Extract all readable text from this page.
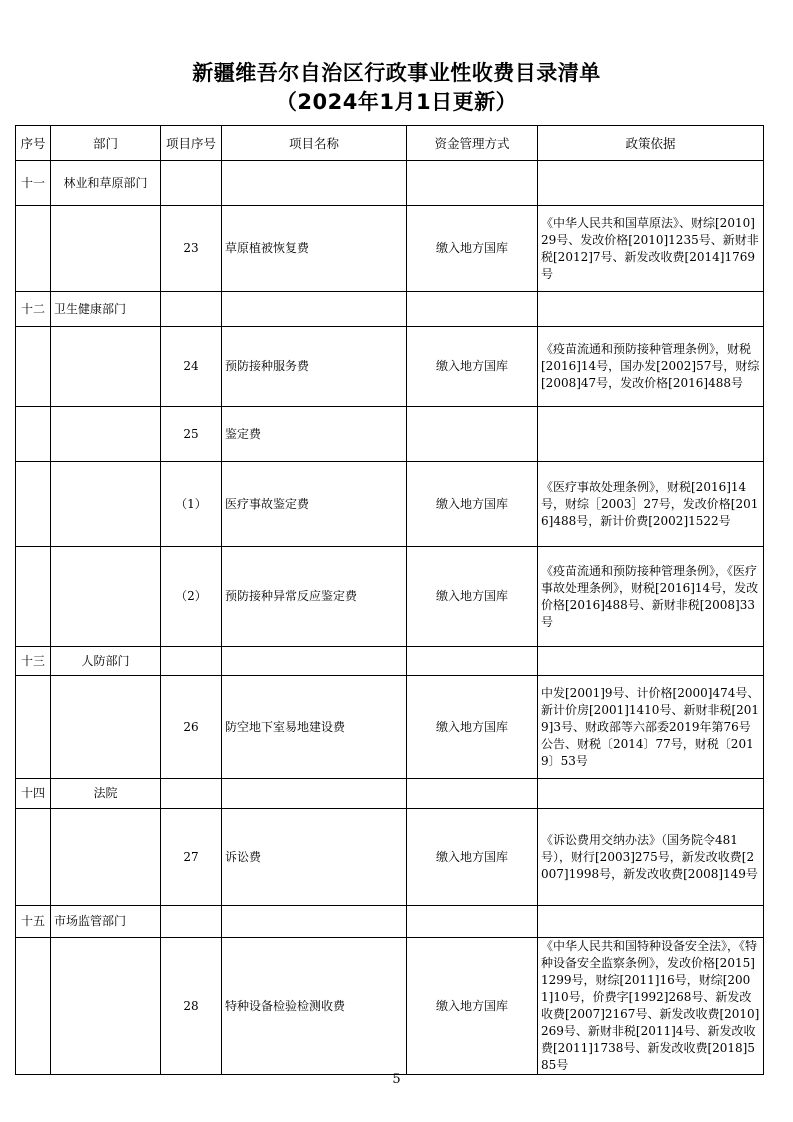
新疆维吾尔自治区行政事业性收费目录清单
（2024年1月1日更新）
序号	部门	项目序号	项目名称	资金管理方式	政策依据
十一	林业和草原部门				
		23	草原植被恢复费	缴入地方国库	《中华人民共和国草原法》、财综[2010]29号、发改价格[2010]1235号、新财非税[2012]7号、新发改收费[2014]1769号
十二	卫生健康部门				
		24	预防接种服务费	缴入地方国库	《疫苗流通和预防接种管理条例》，财税[2016]14号，国办发[2002]57号，财综[2008]47号，发改价格[2016]488号
		25	鉴定费		
		（1）	医疗事故鉴定费	缴入地方国库	《医疗事故处理条例》，财税[2016]14号，财综［2003］27号，发改价格[2016]488号，新计价费[2002]1522号
		（2）	预防接种异常反应鉴定费	缴入地方国库	《疫苗流通和预防接种管理条例》，《医疗事故处理条例》，财税[2016]14号，发改价格[2016]488号、新财非税[2008]33号
十三	人防部门				
		26	防空地下室易地建设费	缴入地方国库	中发[2001]9号、计价格[2000]474号、新计价房[2001]1410号、新财非税[2019]3号、财政部等六部委2019年第76号公告、财税〔2014〕77号，财税〔2019〕53号
十四	法院				
		27	诉讼费	缴入地方国库	《诉讼费用交纳办法》（国务院令481号），财行[2003]275号，新发改收费[2007]1998号，新发改收费[2008]149号
十五	市场监管部门				
		28	特种设备检验检测收费	缴入地方国库	《中华人民共和国特种设备安全法》，《特种设备安全监察条例》，发改价格[2015]1299号，财综[2011]16号，财综[2001]10号，价费字[1992]268号、新发改收费[2007]2167号、新发改收费[2010]269号、新财非税[2011]4号、新发改收费[2011]1738号、新发改收费[2018]585号
5
